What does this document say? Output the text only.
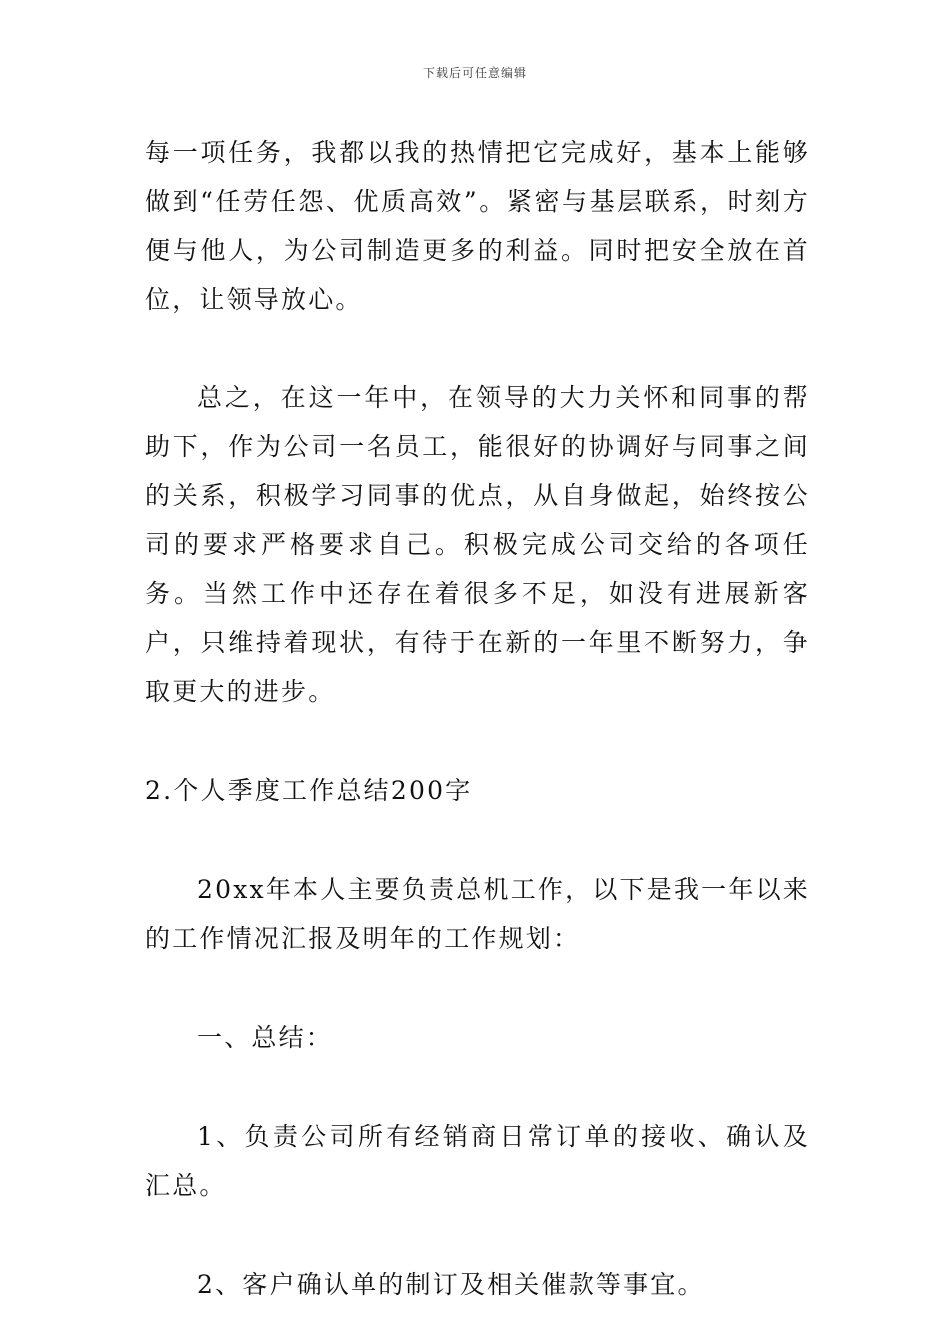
下载后可任意编辑

每一项任务，我都以我的热情把它完成好，基本上能够做到“任劳任怨、优质高效”。紧密与基层联系，时刻方便与他人，为公司制造更多的利益。同时把安全放在首位，让领导放心。

总之，在这一年中，在领导的大力关怀和同事的帮助下，作为公司一名员工，能很好的协调好与同事之间的关系，积极学习同事的优点，从自身做起，始终按公司的要求严格要求自己。积极完成公司交给的各项任务。当然工作中还存在着很多不足，如没有进展新客户，只维持着现状，有待于在新的一年里不断努力，争取更大的进步。

2.个人季度工作总结200字

20xx年本人主要负责总机工作，以下是我一年以来的工作情况汇报及明年的工作规划：

一、总结：

1、负责公司所有经销商日常订单的接收、确认及汇总。

2、客户确认单的制订及相关催款等事宜。
